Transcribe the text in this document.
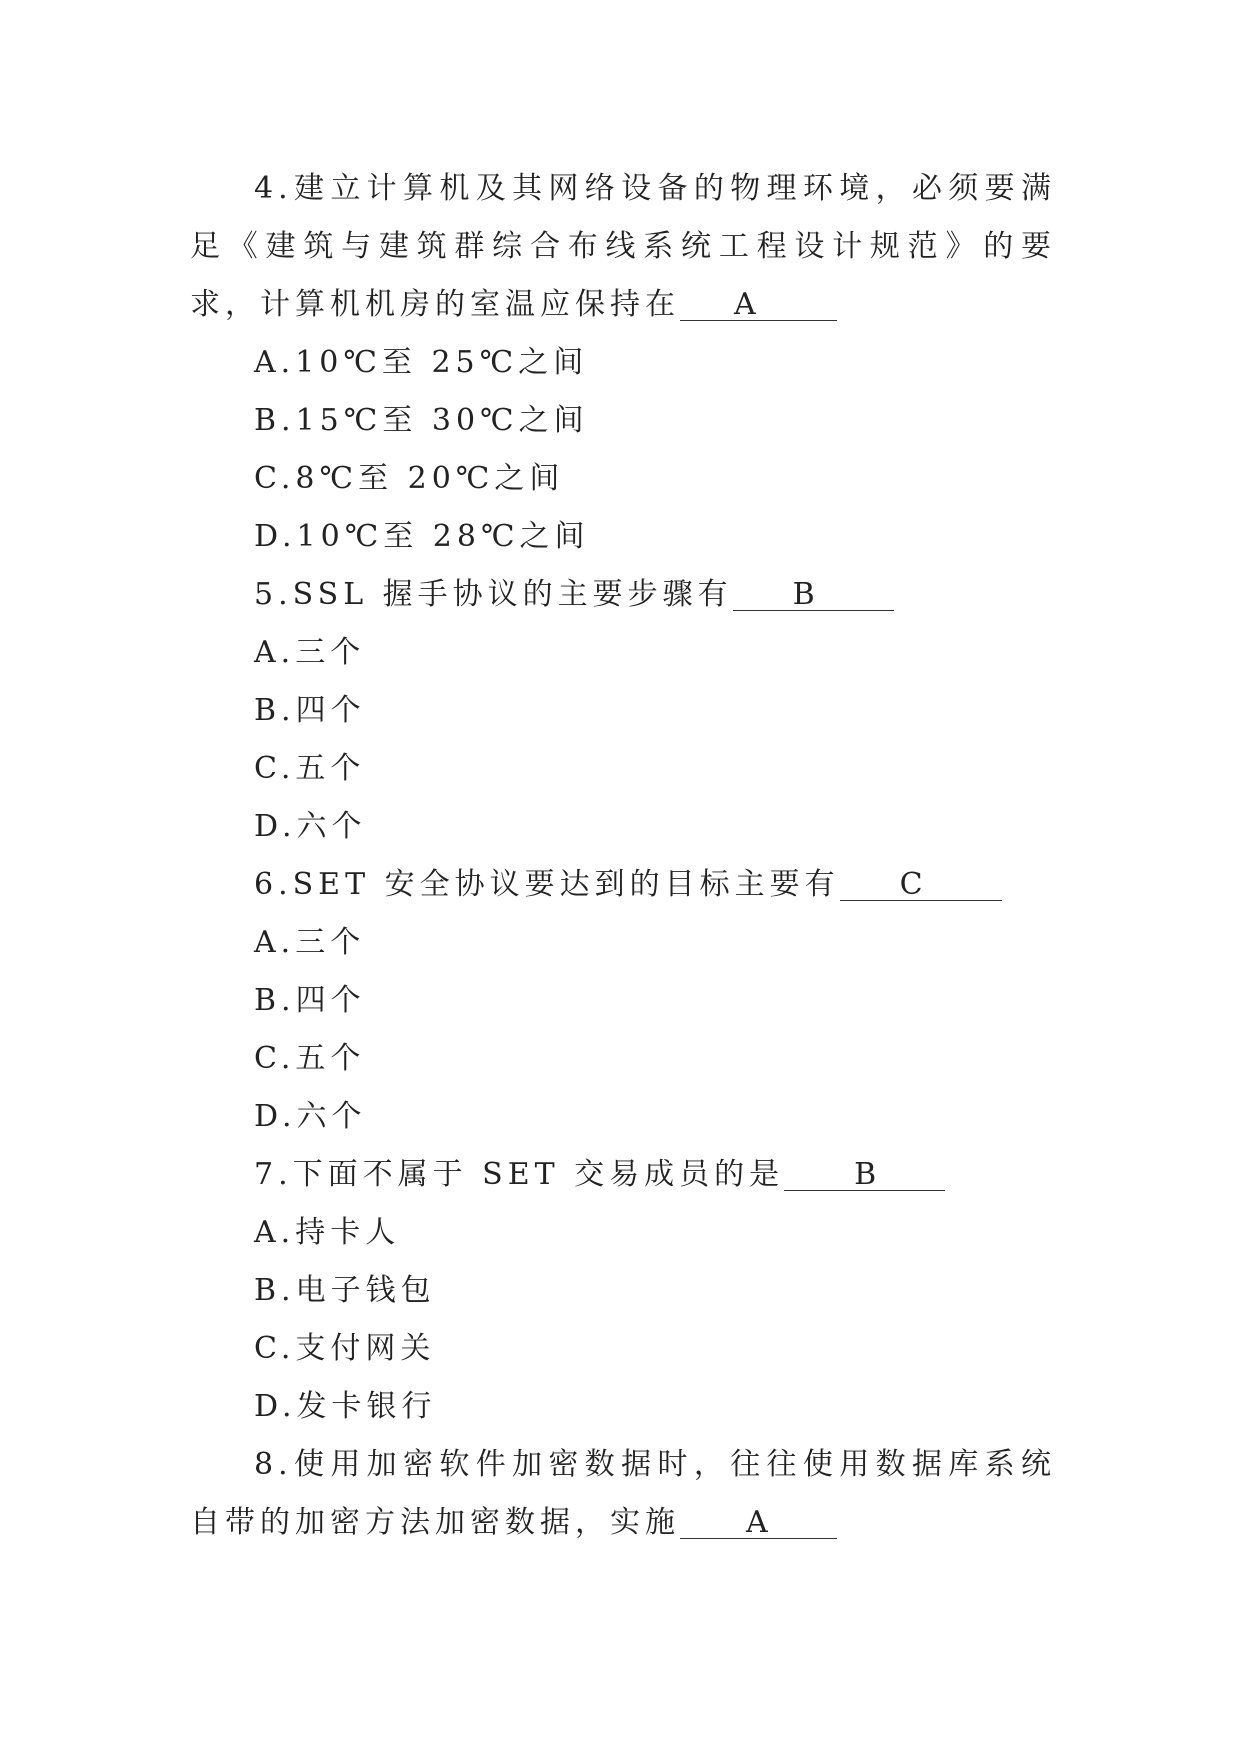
4.建立计算机及其网络设备的物理环境，必须要满足《建筑与建筑群综合布线系统工程设计规范》的要求，计算机机房的室温应保持在 A
A.10℃至 25℃之间
B.15℃至 30℃之间
C.8℃至 20℃之间
D.10℃至 28℃之间
5.SSL 握手协议的主要步骤有 B
A.三个
B.四个
C.五个
D.六个
6.SET 安全协议要达到的目标主要有 C
A.三个
B.四个
C.五个
D.六个
7.下面不属于 SET 交易成员的是 B
A.持卡人
B.电子钱包
C.支付网关
D.发卡银行
8.使用加密软件加密数据时，往往使用数据库系统自带的加密方法加密数据，实施 A
